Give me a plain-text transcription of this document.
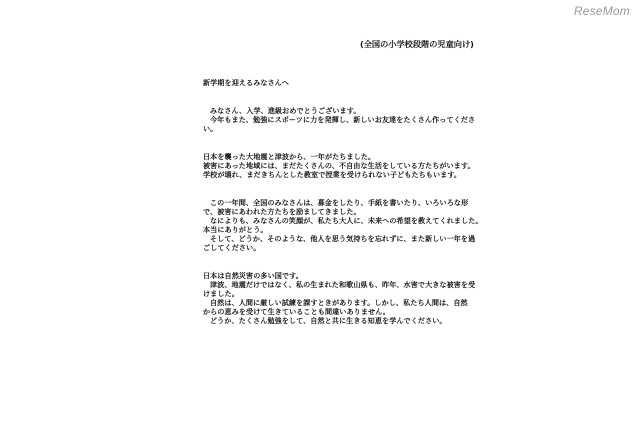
ReseMom
(全国の小学校段階の児童向け)
新学期を迎えるみなさんへ
みなさん、入学、進級おめでとうございます。
今年もまた、勉強にスポーツに力を発揮し、新しいお友達をたくさん作ってくださ
い。
日本を襲った大地震と津波から、一年がたちました。
被害にあった地域には、まだたくさんの、不自由な生活をしている方たちがいます。
学校が壊れ、まだきちんとした教室で授業を受けられない子どもたちもいます。
この一年間、全国のみなさんは、募金をしたり、手紙を書いたり、いろいろな形
で、被害にあわれた方たちを励ましてきました。
なによりも、みなさんの笑顔が、私たち大人に、未来への希望を教えてくれました。
本当にありがとう。
そして、どうか、そのような、他人を思う気持ちを忘れずに、また新しい一年を過
ごしてください。
日本は自然災害の多い国です。
津波、地震だけではなく、私の生まれた和歌山県も、昨年、水害で大きな被害を受
けました。
自然は、人間に厳しい試練を課すときがあります。しかし、私たち人間は、自然
からの恵みを受けて生きていることも間違いありません。
どうか、たくさん勉強をして、自然と共に生きる知恵を学んでください。
